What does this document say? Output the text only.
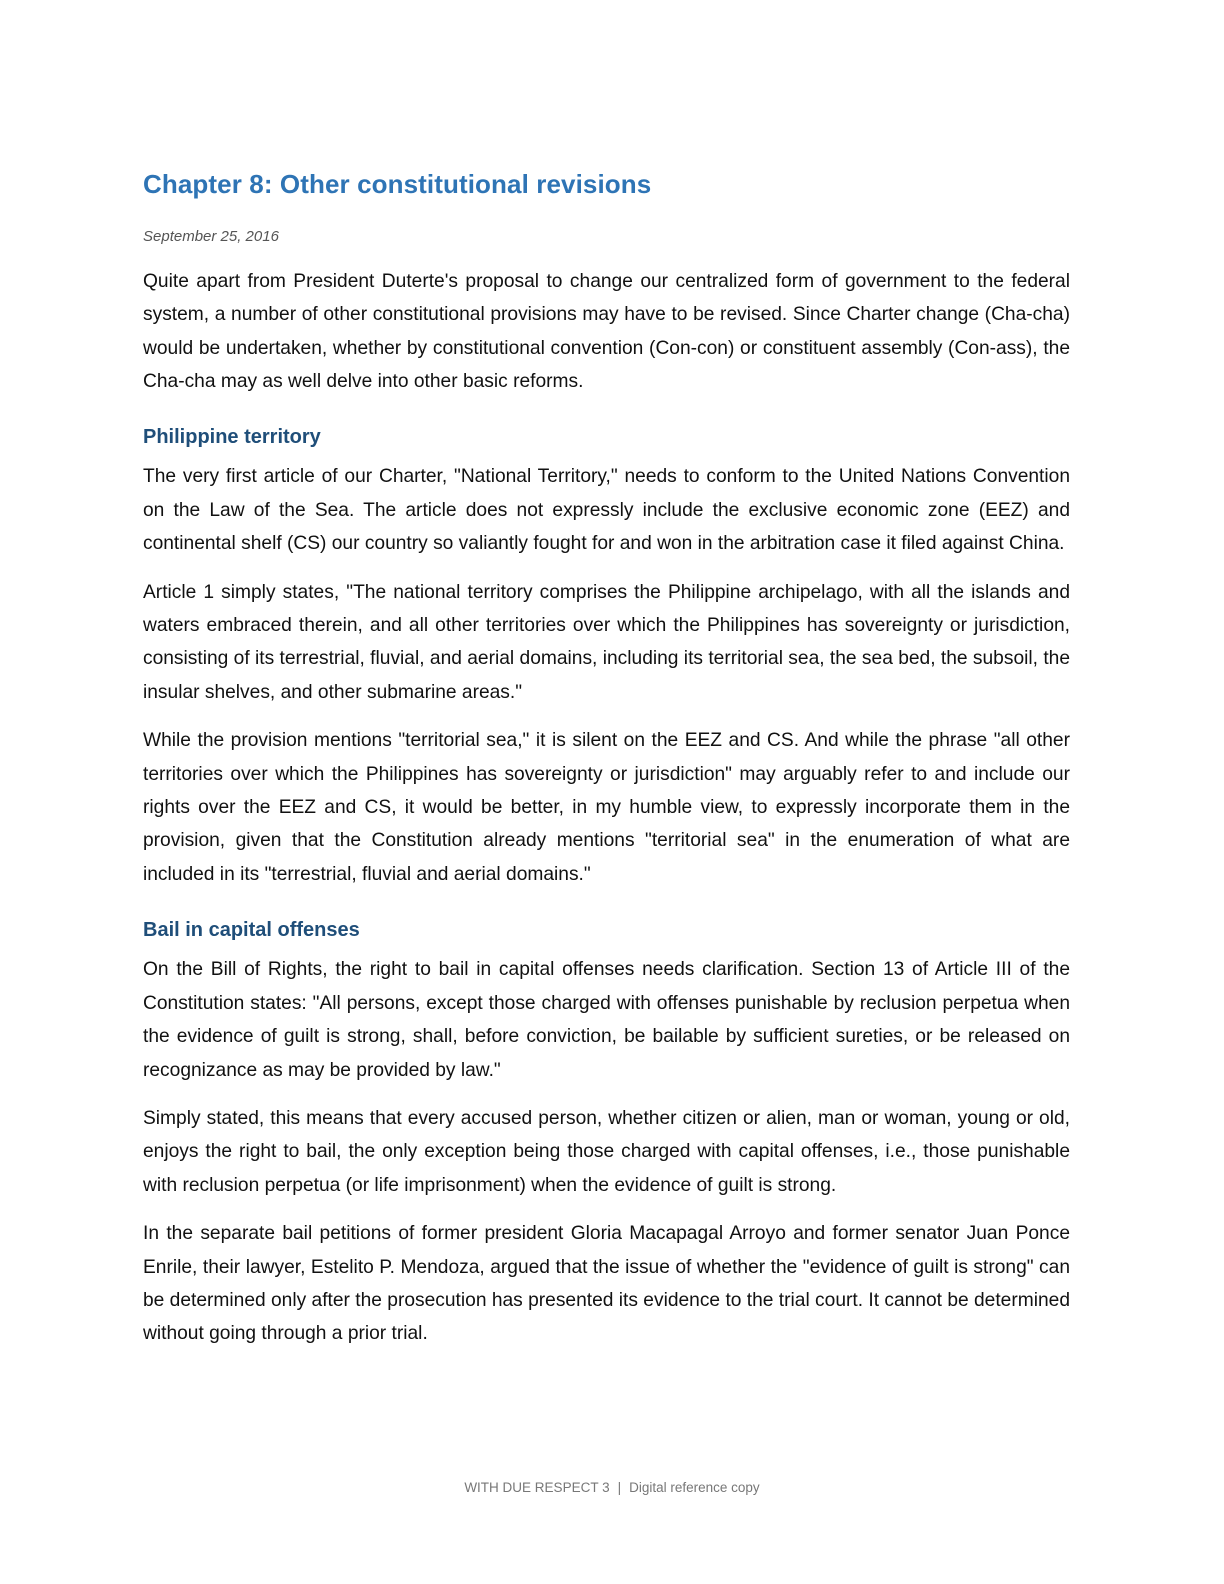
Chapter 8: Other constitutional revisions
September 25, 2016

Quite apart from President Duterte's proposal to change our centralized form of government to the federal system, a number of other constitutional provisions may have to be revised. Since Charter change (Cha-cha) would be undertaken, whether by constitutional convention (Con-con) or constituent assembly (Con-ass), the Cha-cha may as well delve into other basic reforms.

Philippine territory

The very first article of our Charter, "National Territory," needs to conform to the United Nations Convention on the Law of the Sea. The article does not expressly include the exclusive economic zone (EEZ) and continental shelf (CS) our country so valiantly fought for and won in the arbitration case it filed against China.

Article 1 simply states, "The national territory comprises the Philippine archipelago, with all the islands and waters embraced therein, and all other territories over which the Philippines has sovereignty or jurisdiction, consisting of its terrestrial, fluvial, and aerial domains, including its territorial sea, the sea bed, the subsoil, the insular shelves, and other submarine areas."

While the provision mentions "territorial sea," it is silent on the EEZ and CS. And while the phrase "all other territories over which the Philippines has sovereignty or jurisdiction" may arguably refer to and include our rights over the EEZ and CS, it would be better, in my humble view, to expressly incorporate them in the provision, given that the Constitution already mentions "territorial sea" in the enumeration of what are included in its "terrestrial, fluvial and aerial domains."

Bail in capital offenses

On the Bill of Rights, the right to bail in capital offenses needs clarification. Section 13 of Article III of the Constitution states: "All persons, except those charged with offenses punishable by reclusion perpetua when the evidence of guilt is strong, shall, before conviction, be bailable by sufficient sureties, or be released on recognizance as may be provided by law."

Simply stated, this means that every accused person, whether citizen or alien, man or woman, young or old, enjoys the right to bail, the only exception being those charged with capital offenses, i.e., those punishable with reclusion perpetua (or life imprisonment) when the evidence of guilt is strong.

In the separate bail petitions of former president Gloria Macapagal Arroyo and former senator Juan Ponce Enrile, their lawyer, Estelito P. Mendoza, argued that the issue of whether the "evidence of guilt is strong" can be determined only after the prosecution has presented its evidence to the trial court. It cannot be determined without going through a prior trial.

WITH DUE RESPECT 3 | Digital reference copy
